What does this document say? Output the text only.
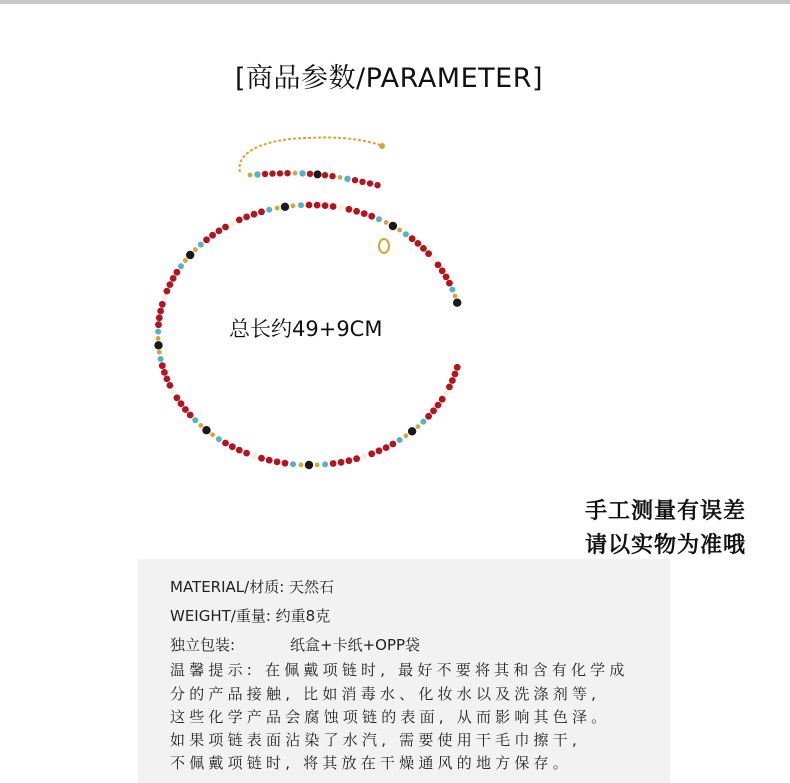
[商品参数/PARAMETER]
总长约49+9CM
手工测量有误差
请以实物为准哦
MATERIAL/材质: 天然石
WEIGHT/重量: 约重8克
独立包装:	纸盒+卡纸+OPP袋
温馨提示: 在佩戴项链时, 最好不要将其和含有化学成
分的产品接触, 比如消毒水、化妆水以及洗涤剂等,
这些化学产品会腐蚀项链的表面, 从而影响其色泽。
如果项链表面沾染了水汽, 需要使用干毛巾擦干,
不佩戴项链时, 将其放在干燥通风的地方保存。
